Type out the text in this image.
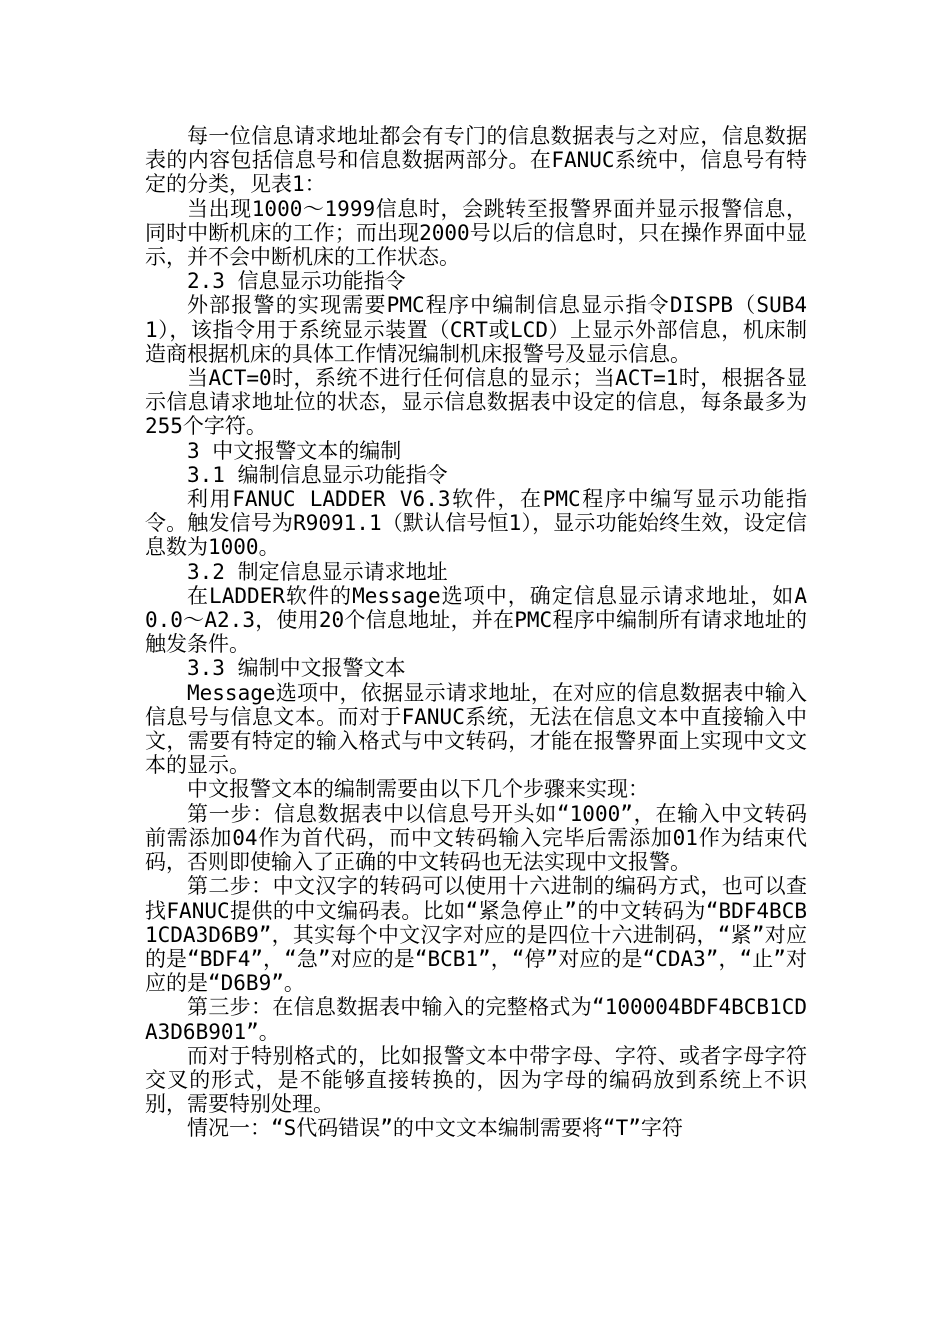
每一位信息请求地址都会有专门的信息数据表与之对应，信息数据表的内容包括信息号和信息数据两部分。在FANUC系统中，信息号有特定的分类，见表1：

当出现1000～1999信息时，会跳转至报警界面并显示报警信息，同时中断机床的工作；而出现2000号以后的信息时，只在操作界面中显示，并不会中断机床的工作状态。

2.3 信息显示功能指令

外部报警的实现需要PMC程序中编制信息显示指令DISPB（SUB41），该指令用于系统显示装置（CRT或LCD）上显示外部信息，机床制造商根据机床的具体工作情况编制机床报警号及显示信息。

当ACT=0时，系统不进行任何信息的显示；当ACT=1时，根据各显示信息请求地址位的状态，显示信息数据表中设定的信息，每条最多为255个字符。

3 中文报警文本的编制

3.1 编制信息显示功能指令

利用FANUC LADDER V6.3软件，在PMC程序中编写显示功能指令。触发信号为R9091.1（默认信号恒1），显示功能始终生效，设定信息数为1000。

3.2 制定信息显示请求地址

在LADDER软件的Message选项中，确定信息显示请求地址，如A0.0～A2.3，使用20个信息地址，并在PMC程序中编制所有请求地址的触发条件。

3.3 编制中文报警文本

Message选项中，依据显示请求地址，在对应的信息数据表中输入信息号与信息文本。而对于FANUC系统，无法在信息文本中直接输入中文，需要有特定的输入格式与中文转码，才能在报警界面上实现中文文本的显示。

中文报警文本的编制需要由以下几个步骤来实现：

第一步：信息数据表中以信息号开头如“1000”，在输入中文转码前需添加04作为首代码，而中文转码输入完毕后需添加01作为结束代码，否则即使输入了正确的中文转码也无法实现中文报警。

第二步：中文汉字的转码可以使用十六进制的编码方式，也可以查找FANUC提供的中文编码表。比如“紧急停止”的中文转码为“BDF4BCB1CDA3D6B9”，其实每个中文汉字对应的是四位十六进制码，“紧”对应的是“BDF4”，“急”对应的是“BCB1”，“停”对应的是“CDA3”，“止”对应的是“D6B9”。

第三步：在信息数据表中输入的完整格式为“100004BDF4BCB1CDA3D6B901”。

而对于特别格式的，比如报警文本中带字母、字符、或者字母字符交叉的形式，是不能够直接转换的，因为字母的编码放到系统上不识别，需要特别处理。

情况一：“S代码错误”的中文文本编制需要将“T”字符
